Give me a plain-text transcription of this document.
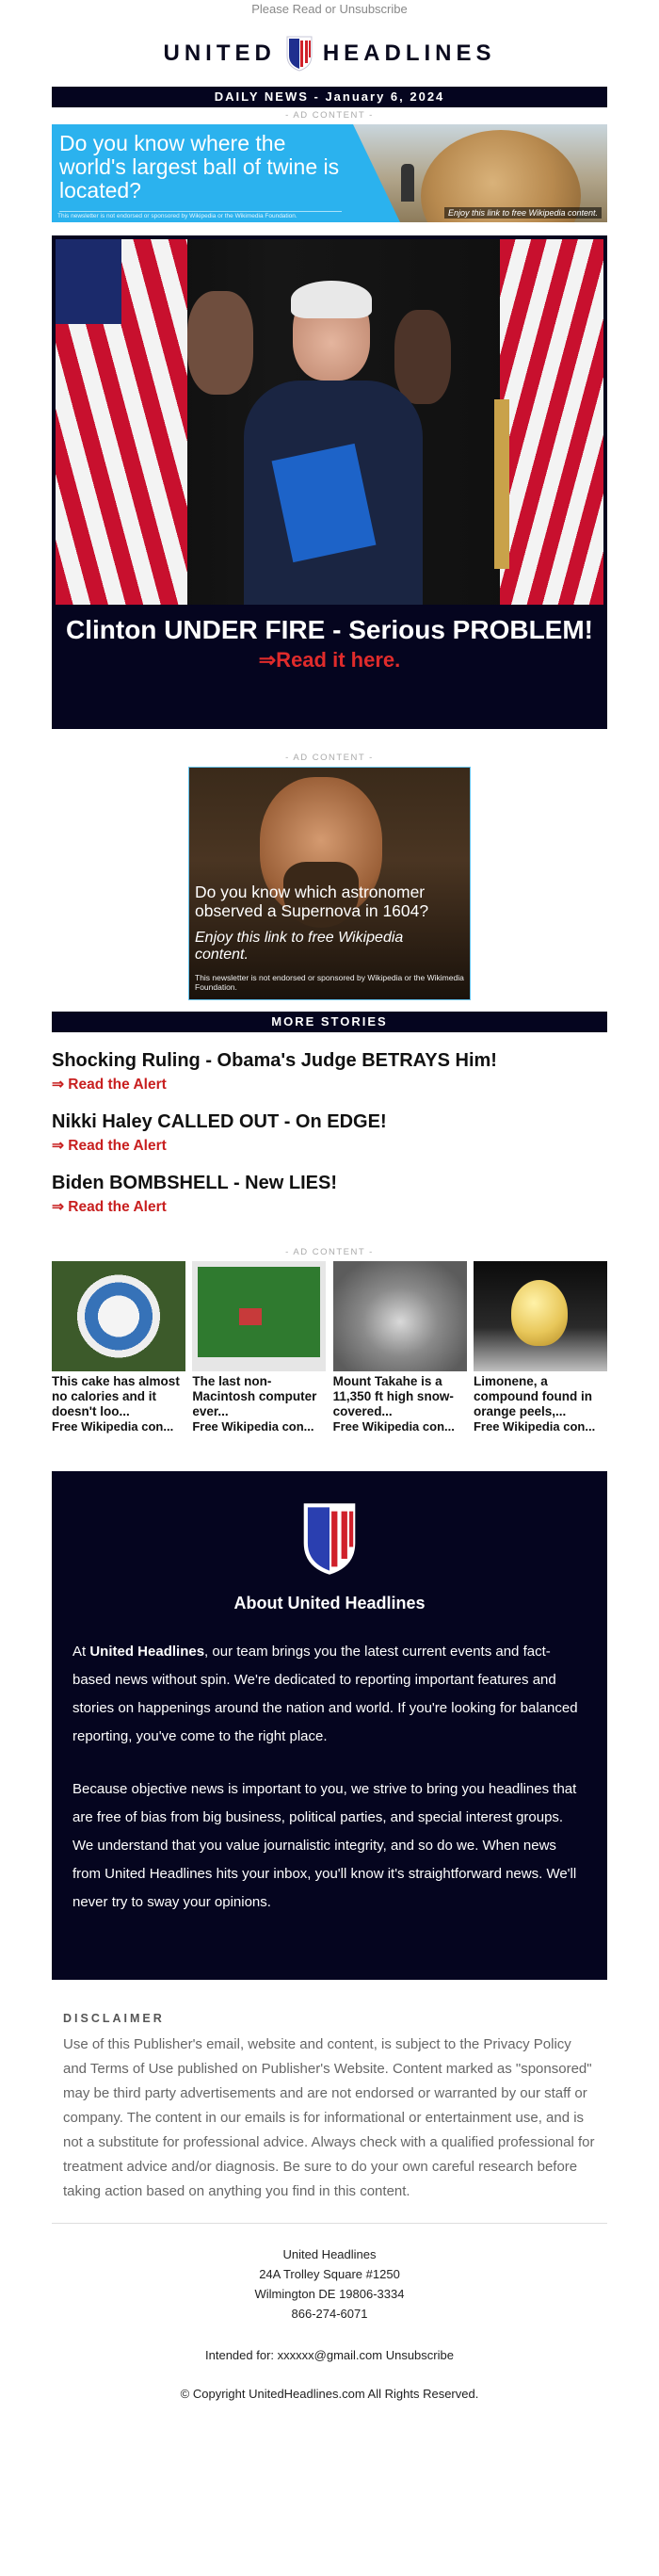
Please Read or Unsubscribe
UNITED HEADLINES
DAILY NEWS - January 6, 2024
- AD CONTENT -
Do you know where the world's largest ball of twine is located?
This newsletter is not endorsed or sponsored by Wikipedia or the Wikimedia Foundation.	Enjoy this link to free Wikipedia content.
Clinton UNDER FIRE - Serious PROBLEM!
⇒Read it here.
- AD CONTENT -
Do you know which astronomer observed a Supernova in 1604?
Enjoy this link to free Wikipedia content.
This newsletter is not endorsed or sponsored by Wikipedia or the Wikimedia Foundation.
MORE STORIES
Shocking Ruling - Obama's Judge BETRAYS Him!
⇒ Read the Alert
Nikki Haley CALLED OUT - On EDGE!
⇒ Read the Alert
Biden BOMBSHELL - New LIES!
⇒ Read the Alert
- AD CONTENT -
This cake has almost no calories and it doesn't loo...
Free Wikipedia con...
The last non-Macintosh computer ever...
Free Wikipedia con...
Mount Takahe is a 11,350 ft high snow-covered...
Free Wikipedia con...
Limonene, a compound found in orange peels,...
Free Wikipedia con...
About United Headlines

At United Headlines, our team brings you the latest current events and fact-based news without spin. We're dedicated to reporting important features and stories on happenings around the nation and world. If you're looking for balanced reporting, you've come to the right place.

Because objective news is important to you, we strive to bring you headlines that are free of bias from big business, political parties, and special interest groups. We understand that you value journalistic integrity, and so do we. When news from United Headlines hits your inbox, you'll know it's straightforward news. We'll never try to sway your opinions.

DISCLAIMER
Use of this Publisher's email, website and content, is subject to the Privacy Policy and Terms of Use published on Publisher's Website. Content marked as "sponsored" may be third party advertisements and are not endorsed or warranted by our staff or company. The content in our emails is for informational or entertainment use, and is not a substitute for professional advice. Always check with a qualified professional for treatment advice and/or diagnosis. Be sure to do your own careful research before taking action based on anything you find in this content.
United Headlines
24A Trolley Square #1250
Wilmington DE 19806-3334
866-274-6071
Intended for: xxxxxx@gmail.com Unsubscribe
© Copyright UnitedHeadlines.com All Rights Reserved.
